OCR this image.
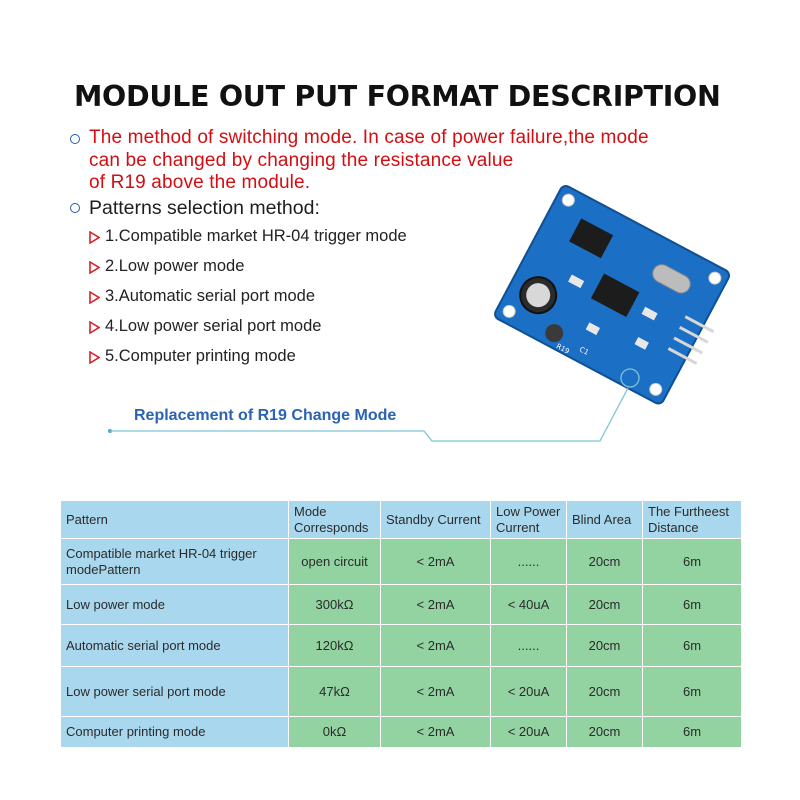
MODULE OUT PUT FORMAT DESCRIPTION

The method of switching mode. In case of power failure,the mode
can be changed by changing the resistance value
of R19 above the module.

Patterns selection method:

1.Compatible market HR-04 trigger mode
2.Low power mode
3.Automatic serial port mode
4.Low power serial port mode
5.Computer printing mode	R19 C1
Replacement of R19 Change Mode
Pattern	Mode Corresponds	Standby Current	Low Power Current	Blind Area	The Furtheest Distance
Compatible market HR-04 trigger modePattern	open circuit	< 2mA	......	20cm	6m
Low power mode	300kΩ	< 2mA	< 40uA	20cm	6m
Automatic serial port mode	120kΩ	< 2mA	......	20cm	6m
Low power serial port mode	47kΩ	< 2mA	< 20uA	20cm	6m
Computer printing mode	0kΩ	< 2mA	< 20uA	20cm	6m
